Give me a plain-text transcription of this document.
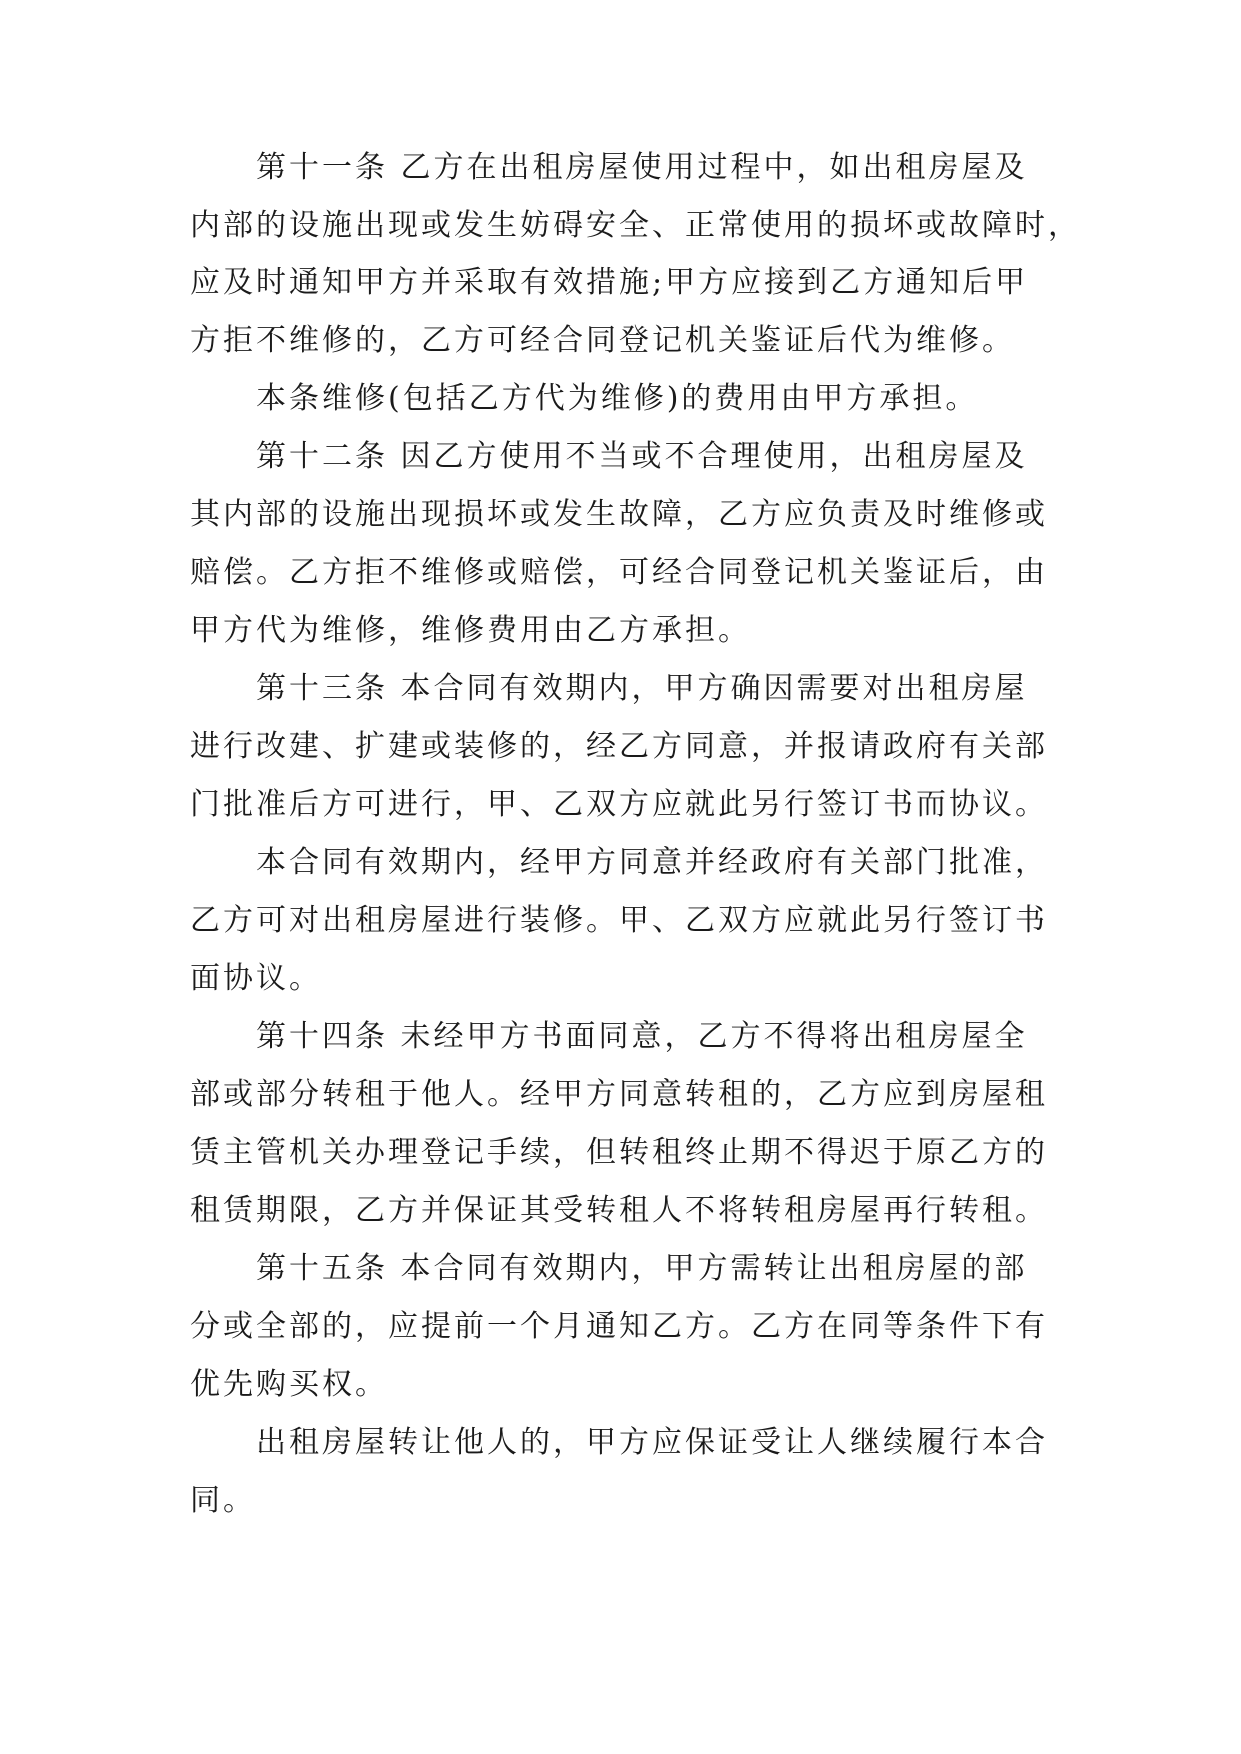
第十一条 乙方在出租房屋使用过程中，如出租房屋及

内部的设施出现或发生妨碍安全、正常使用的损坏或故障时，

应及时通知甲方并采取有效措施;甲方应接到乙方通知后甲

方拒不维修的，乙方可经合同登记机关鉴证后代为维修。

本条维修(包括乙方代为维修)的费用由甲方承担。

第十二条 因乙方使用不当或不合理使用，出租房屋及

其内部的设施出现损坏或发生故障，乙方应负责及时维修或

赔偿。乙方拒不维修或赔偿，可经合同登记机关鉴证后，由

甲方代为维修，维修费用由乙方承担。

第十三条 本合同有效期内，甲方确因需要对出租房屋

进行改建、扩建或装修的，经乙方同意，并报请政府有关部

门批准后方可进行，甲、乙双方应就此另行签订书而协议。

本合同有效期内，经甲方同意并经政府有关部门批准，

乙方可对出租房屋进行装修。甲、乙双方应就此另行签订书

面协议。

第十四条 未经甲方书面同意，乙方不得将出租房屋全

部或部分转租于他人。经甲方同意转租的，乙方应到房屋租

赁主管机关办理登记手续，但转租终止期不得迟于原乙方的

租赁期限，乙方并保证其受转租人不将转租房屋再行转租。

第十五条 本合同有效期内，甲方需转让出租房屋的部

分或全部的，应提前一个月通知乙方。乙方在同等条件下有

优先购买权。

出租房屋转让他人的，甲方应保证受让人继续履行本合

同。
